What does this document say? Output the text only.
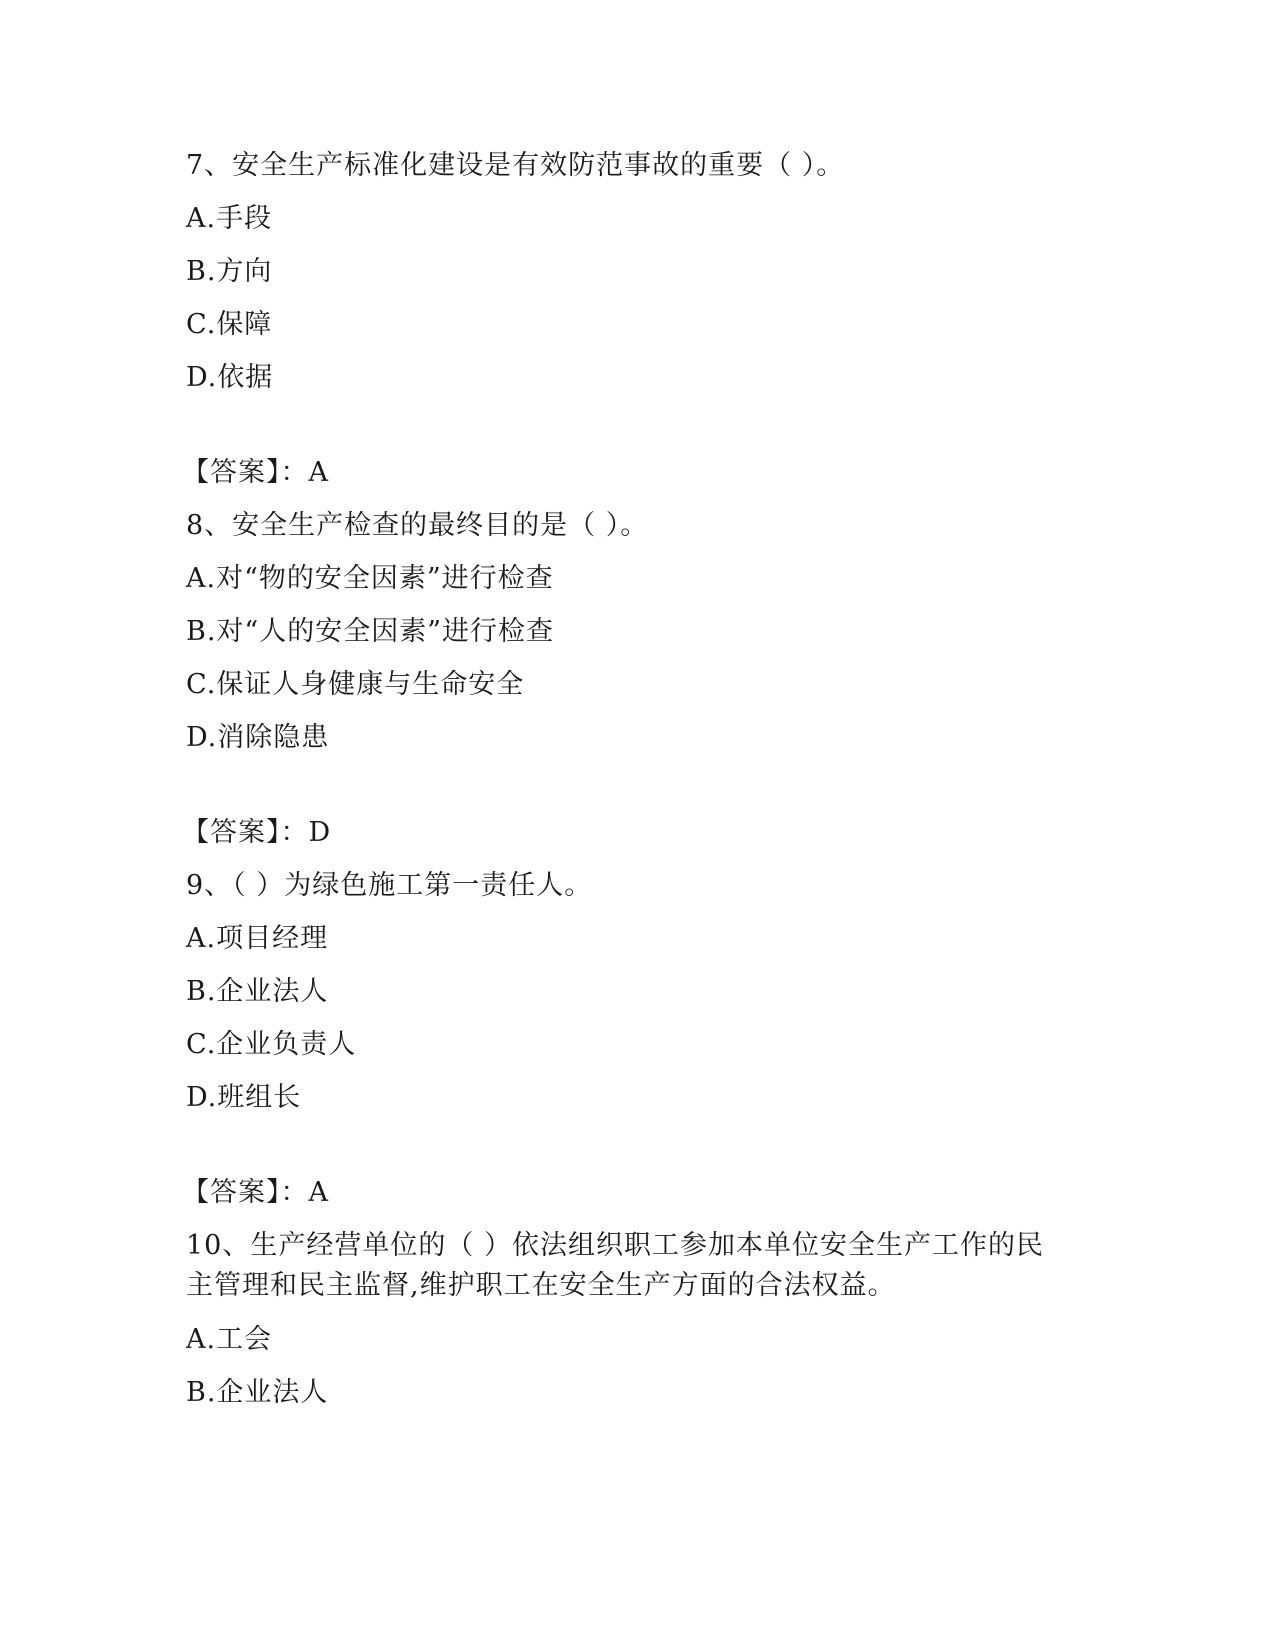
7、安全生产标准化建设是有效防范事故的重要（ ）。
A.手段
B.方向
C.保障
D.依据
【答案】：A
8、安全生产检查的最终目的是（ ）。
A.对“物的安全因素”进行检查
B.对“人的安全因素”进行检查
C.保证人身健康与生命安全
D.消除隐患
【答案】：D
9、（ ）为绿色施工第一责任人。
A.项目经理
B.企业法人
C.企业负责人
D.班组长
【答案】：A
10、生产经营单位的（ ）依法组织职工参加本单位安全生产工作的民
主管理和民主监督,维护职工在安全生产方面的合法权益。
A.工会
B.企业法人
